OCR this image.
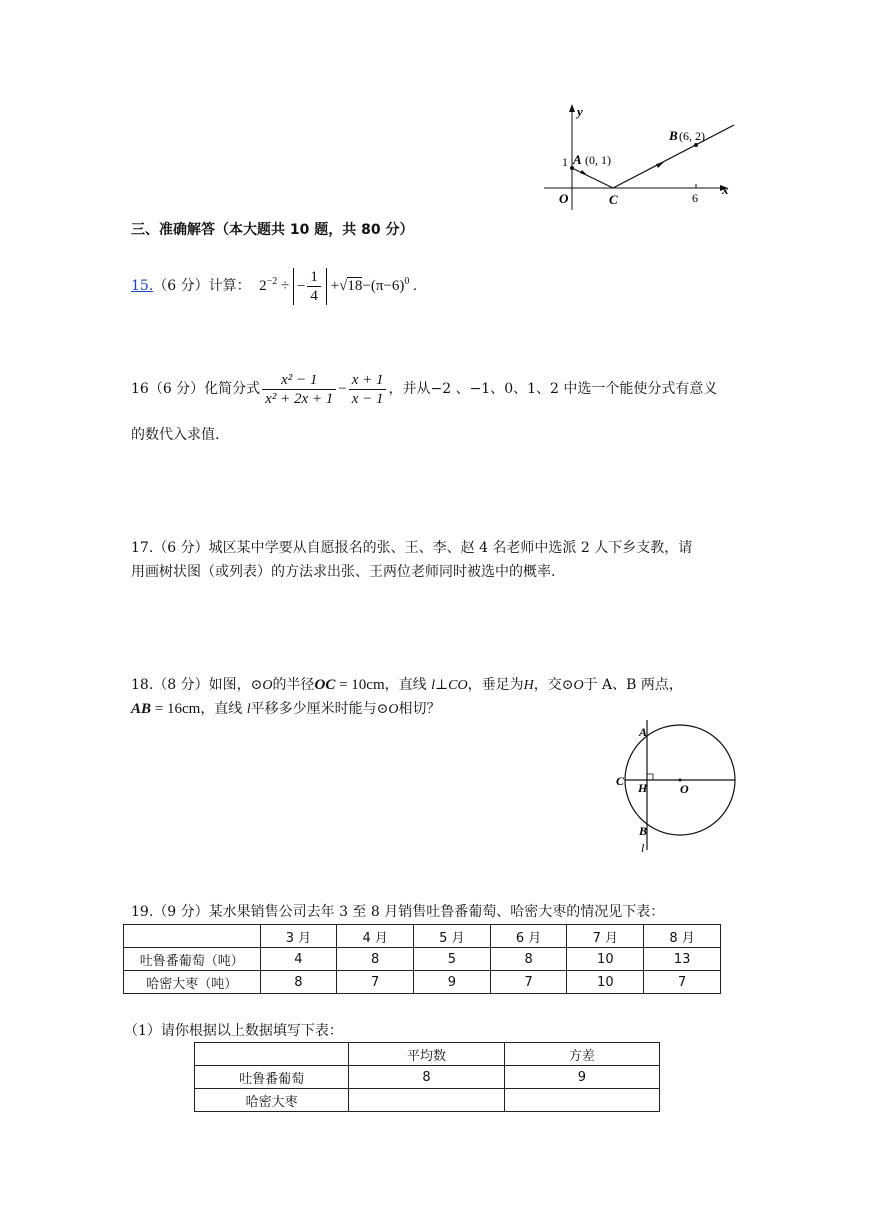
y
x
1 A (0, 1)
B (6, 2)
O	C	6
三、准确解答（本大题共 10 题，共 80 分）
15.（6 分）计算： $2^{-2}$ ÷ − $\frac{1}{4} +√18-(\pi-6)^0$ .
16（6 分）化简分式 $\frac{\text{x² − 1}}{\text{x² + 2x + 1}} - \frac{x + 1}{x - 1}$ ，并从−2 、−1、0、1、2 中选一个能使分式有意义
的数代入求值.
17.（6 分）城区某中学要从自愿报名的张、王、李、赵 4 名老师中选派 2 人下乡支教，请
用画树状图（或列表）的方法求出张、王两位老师同时被选中的概率.
18.（8 分）如图，⊙O的半径OC = 10cm，直线 l⊥CO，垂足为H，交⊙O于 A、B 两点，
AB = 16cm，直线 l平移多少厘米时能与⊙O相切？
A
C H	O
B
l
19.（9 分）某水果销售公司去年 3 至 8 月销售吐鲁番葡萄、哈密大枣的情况见下表：
	3 月	4 月	5 月	6 月	7 月	8 月
吐鲁番葡萄（吨）	4	8	5	8	10	13
哈密大枣（吨）	8	7	9	7	10	7
（1）请你根据以上数据填写下表：
	平均数	方差
吐鲁番葡萄	8	9
哈密大枣		
